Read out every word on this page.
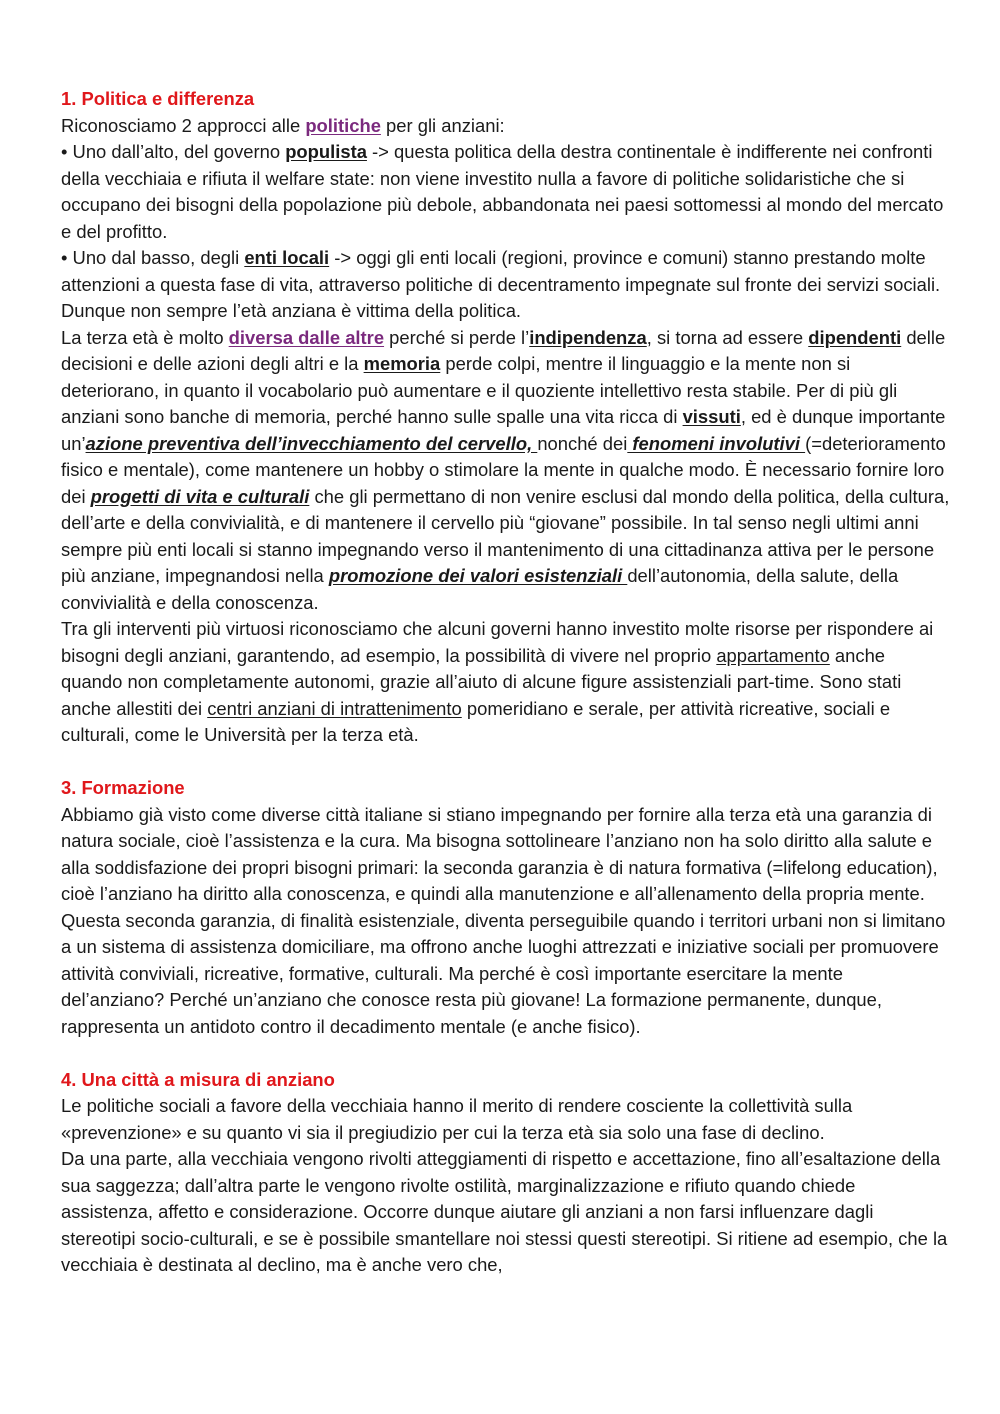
1. Politica e differenza

Riconosciamo 2 approcci alle politiche per gli anziani:

• Uno dall’alto, del governo populista -> questa politica della destra continentale è indifferente nei confronti della vecchiaia e rifiuta il welfare state: non viene investito nulla a favore di politiche solidaristiche che si occupano dei bisogni della popolazione più debole, abbandonata nei paesi sottomessi al mondo del mercato e del profitto.

• Uno dal basso, degli enti locali -> oggi gli enti locali (regioni, province e comuni) stanno prestando molte attenzioni a questa fase di vita, attraverso politiche di decentramento impegnate sul fronte dei servizi sociali. Dunque non sempre l’età anziana è vittima della politica.

La terza età è molto diversa dalle altre perché si perde l’indipendenza, si torna ad essere dipendenti delle decisioni e delle azioni degli altri e la memoria perde colpi, mentre il linguaggio e la mente non si deteriorano, in quanto il vocabolario può aumentare e il quoziente intellettivo resta stabile. Per di più gli anziani sono banche di memoria, perché hanno sulle spalle una vita ricca di vissuti, ed è dunque importante un’azione preventiva dell’invecchiamento del cervello, nonché dei fenomeni involutivi (=deterioramento fisico e mentale), come mantenere un hobby o stimolare la mente in qualche modo. È necessario fornire loro dei progetti di vita e culturali che gli permettano di non venire esclusi dal mondo della politica, della cultura, dell’arte e della convivialità, e di mantenere il cervello più “giovane” possibile. In tal senso negli ultimi anni sempre più enti locali si stanno impegnando verso il mantenimento di una cittadinanza attiva per le persone più anziane, impegnandosi nella promozione dei valori esistenziali dell’autonomia, della salute, della convivialità e della conoscenza.

Tra gli interventi più virtuosi riconosciamo che alcuni governi hanno investito molte risorse per rispondere ai bisogni degli anziani, garantendo, ad esempio, la possibilità di vivere nel proprio appartamento anche quando non completamente autonomi, grazie all’aiuto di alcune figure assistenziali part-time. Sono stati anche allestiti dei centri anziani di intrattenimento pomeridiano e serale, per attività ricreative, sociali e culturali, come le Università per la terza età.

3. Formazione

Abbiamo già visto come diverse città italiane si stiano impegnando per fornire alla terza età una garanzia di natura sociale, cioè l’assistenza e la cura. Ma bisogna sottolineare l’anziano non ha solo diritto alla salute e alla soddisfazione dei propri bisogni primari: la seconda garanzia è di natura formativa (=lifelong education), cioè l’anziano ha diritto alla conoscenza, e quindi alla manutenzione e all’allenamento della propria mente. Questa seconda garanzia, di finalità esistenziale, diventa perseguibile quando i territori urbani non si limitano a un sistema di assistenza domiciliare, ma offrono anche luoghi attrezzati e iniziative sociali per promuovere attività conviviali, ricreative, formative, culturali. Ma perché è così importante esercitare la mente del’anziano? Perché un’anziano che conosce resta più giovane! La formazione permanente, dunque, rappresenta un antidoto contro il decadimento mentale (e anche fisico).

4. Una città a misura di anziano

Le politiche sociali a favore della vecchiaia hanno il merito di rendere cosciente la collettività sulla «prevenzione» e su quanto vi sia il pregiudizio per cui la terza età sia solo una fase di declino.

Da una parte, alla vecchiaia vengono rivolti atteggiamenti di rispetto e accettazione, fino all’esaltazione della sua saggezza; dall’altra parte le vengono rivolte ostilità, marginalizzazione e rifiuto quando chiede assistenza, affetto e considerazione. Occorre dunque aiutare gli anziani a non farsi influenzare dagli stereotipi socio-culturali, e se è possibile smantellare noi stessi questi stereotipi. Si ritiene ad esempio, che la vecchiaia è destinata al declino, ma è anche vero che,
